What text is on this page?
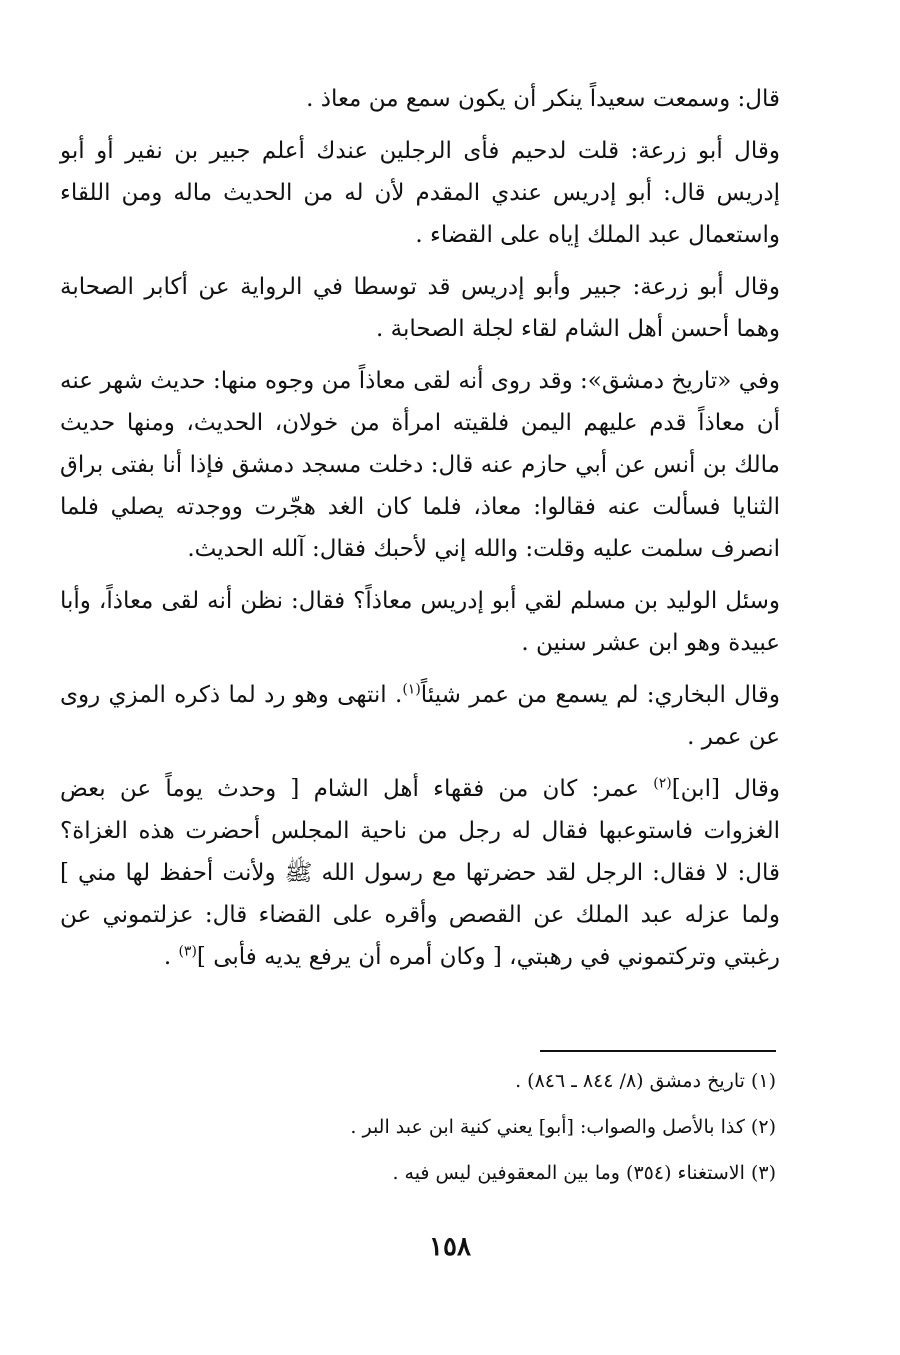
قال: وسمعت سعيداً ينكر أن يكون سمع من معاذ .

وقال أبو زرعة: قلت لدحيم فأى الرجلين عندك أعلم جبير بن نفير أو أبو إدريس قال: أبو إدريس عندي المقدم لأن له من الحديث ماله ومن اللقاء واستعمال عبد الملك إياه على القضاء .

وقال أبو زرعة: جبير وأبو إدريس قد توسطا في الرواية عن أكابر الصحابة وهما أحسن أهل الشام لقاء لجلة الصحابة .

وفي «تاريخ دمشق»: وقد روى أنه لقى معاذاً من وجوه منها: حديث شهر عنه أن معاذاً قدم عليهم اليمن فلقيته امرأة من خولان، الحديث، ومنها حديث مالك بن أنس عن أبي حازم عنه قال: دخلت مسجد دمشق فإذا أنا بفتى براق الثنايا فسألت عنه فقالوا: معاذ، فلما كان الغد هجّرت ووجدته يصلي فلما انصرف سلمت عليه وقلت: والله إني لأحبك فقال: آلله الحديث.

وسئل الوليد بن مسلم لقي أبو إدريس معاذاً؟ فقال: نظن أنه لقى معاذاً، وأبا عبيدة وهو ابن عشر سنين .

وقال البخاري: لم يسمع من عمر شيئاً$^{(١)}$. انتهى وهو رد لما ذكره المزي روى عن عمر .

وقال [ابن]$^{(٢)}$ عمر: كان من فقهاء أهل الشام [ وحدث يوماً عن بعض الغزوات فاستوعبها فقال له رجل من ناحية المجلس أحضرت هذه الغزاة؟ قال: لا فقال: الرجل لقد حضرتها مع رسول الله ﷺ ولأنت أحفظ لها مني ] ولما عزله عبد الملك عن القصص وأقره على القضاء قال: عزلتموني عن رغبتي وتركتموني في رهبتي، [ وكان أمره أن يرفع يديه فأبى ]$^{(٣)}$ .

(١) تاريخ دمشق (٨/ ٨٤٤ ـ ٨٤٦) .

(٢) كذا بالأصل والصواب: [أبو] يعني كنية ابن عبد البر .

(٣) الاستغناء (٣٥٤) وما بين المعقوفين ليس فيه .

١٥٨
